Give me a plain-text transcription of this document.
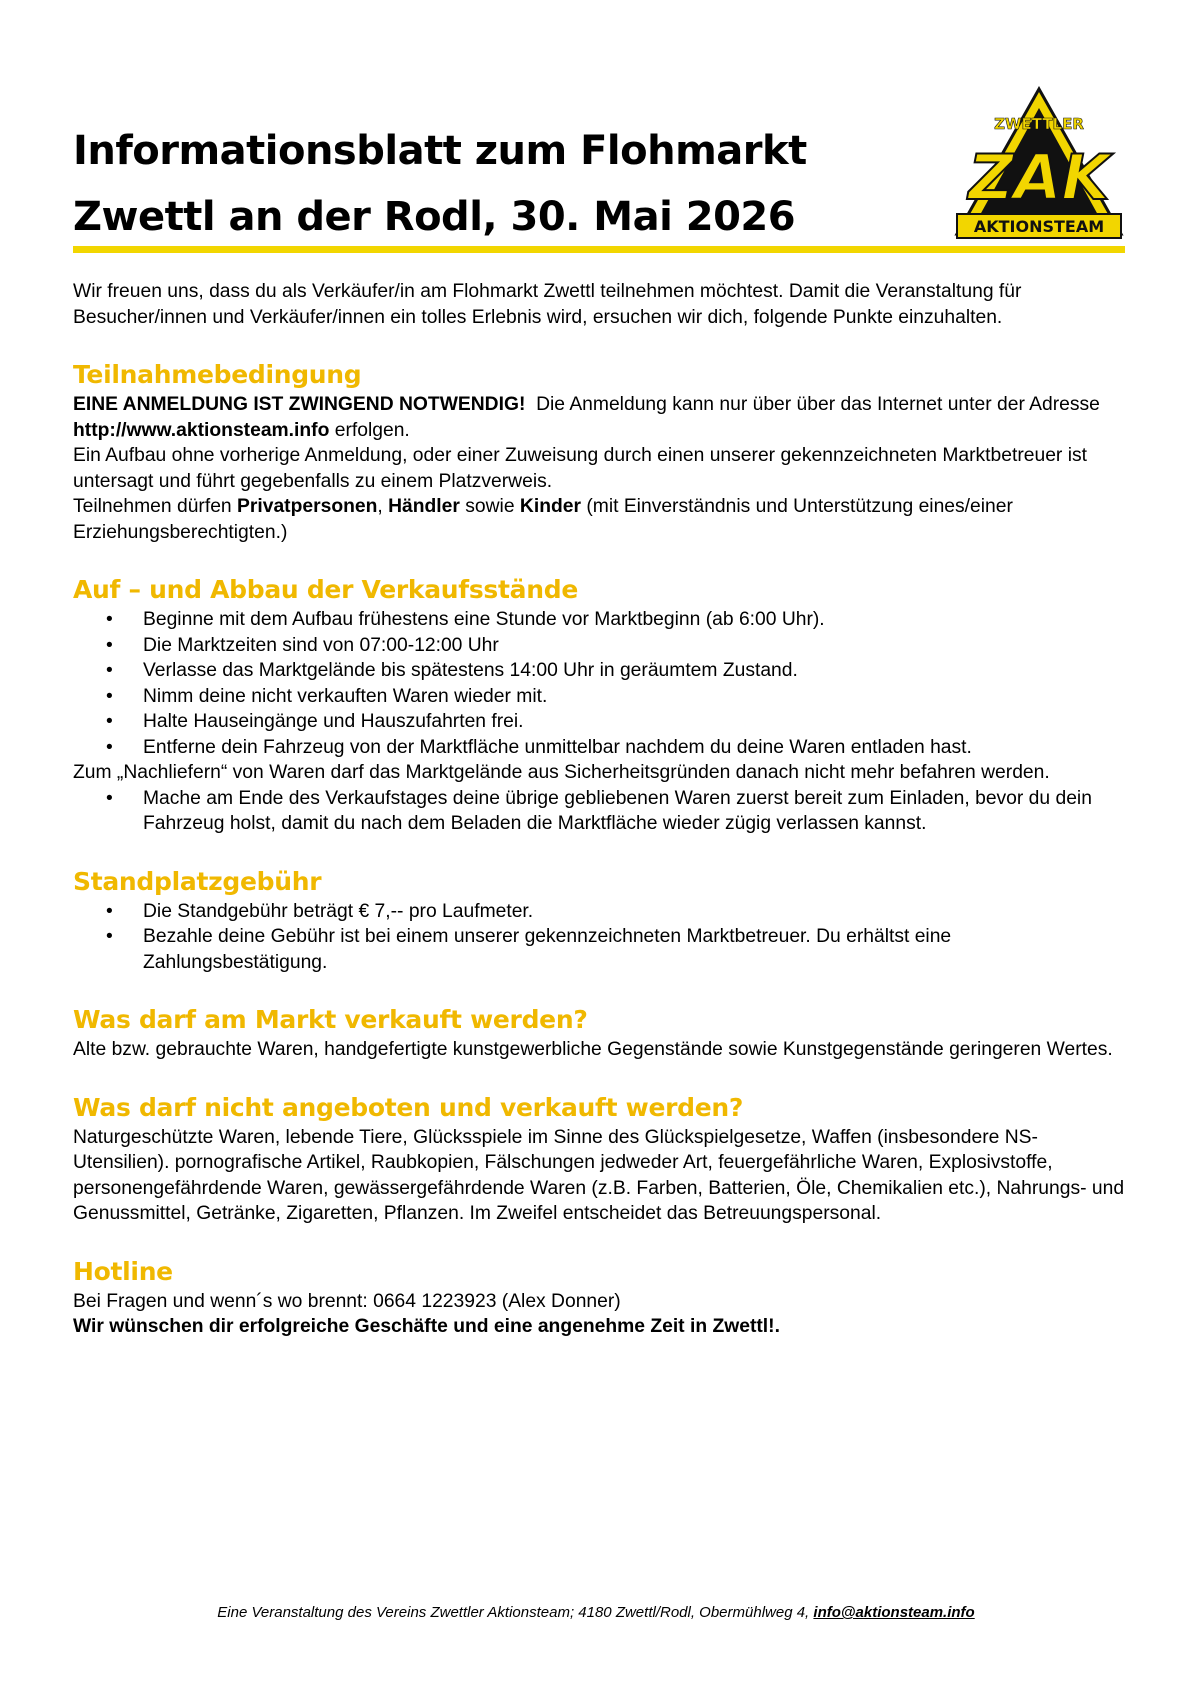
Informationsblatt zum Flohmarkt
Zwettl an der Rodl, 30. Mai 2026
ZWETTLER
ZAK
AKTIONSTEAM

Wir freuen uns, dass du als Verkäufer/in am Flohmarkt Zwettl teilnehmen möchtest. Damit die Veranstaltung für Besucher/innen und Verkäufer/innen ein tolles Erlebnis wird, ersuchen wir dich, folgende Punkte einzuhalten.

Teilnahmebedingung

EINE ANMELDUNG IST ZWINGEND NOTWENDIG! Die Anmeldung kann nur über über das Internet unter der Adresse http://www.aktionsteam.info erfolgen.

Ein Aufbau ohne vorherige Anmeldung, oder einer Zuweisung durch einen unserer gekennzeichneten Marktbetreuer ist untersagt und führt gegebenfalls zu einem Platzverweis.

Teilnehmen dürfen Privatpersonen, Händler sowie Kinder (mit Einverständnis und Unterstützung eines/einer Erziehungsberechtigten.)

Auf – und Abbau der Verkaufsstände
• Beginne mit dem Aufbau frühestens eine Stunde vor Marktbeginn (ab 6:00 Uhr).
• Die Marktzeiten sind von 07:00-12:00 Uhr
• Verlasse das Marktgelände bis spätestens 14:00 Uhr in geräumtem Zustand.
• Nimm deine nicht verkauften Waren wieder mit.
• Halte Hauseingänge und Hauszufahrten frei.
• Entferne dein Fahrzeug von der Marktfläche unmittelbar nachdem du deine Waren entladen hast.

Zum „Nachliefern“ von Waren darf das Marktgelände aus Sicherheitsgründen danach nicht mehr befahren werden.

• Mache am Ende des Verkaufstages deine übrige gebliebenen Waren zuerst bereit zum Einladen, bevor du dein Fahrzeug holst, damit du nach dem Beladen die Marktfläche wieder zügig verlassen kannst.
Standplatzgebühr
• Die Standgebühr beträgt € 7,-- pro Laufmeter.
• Bezahle deine Gebühr ist bei einem unserer gekennzeichneten Marktbetreuer. Du erhältst eine Zahlungsbestätigung.
Was darf am Markt verkauft werden?

Alte bzw. gebrauchte Waren, handgefertigte kunstgewerbliche Gegenstände sowie Kunstgegenstände geringeren Wertes.

Was darf nicht angeboten und verkauft werden?

Naturgeschützte Waren, lebende Tiere, Glücksspiele im Sinne des Glückspielgesetze, Waffen (insbesondere NS- Utensilien). pornografische Artikel, Raubkopien, Fälschungen jedweder Art, feuergefährliche Waren, Explosivstoffe, personengefährdende Waren, gewässergefährdende Waren (z.B. Farben, Batterien, Öle, Chemikalien etc.), Nahrungs- und Genussmittel, Getränke, Zigaretten, Pflanzen. Im Zweifel entscheidet das Betreuungspersonal.

Hotline

Bei Fragen und wenn´s wo brennt: 0664 1223923 (Alex Donner)

Wir wünschen dir erfolgreiche Geschäfte und eine angenehme Zeit in Zwettl!.

Eine Veranstaltung des Vereins Zwettler Aktionsteam; 4180 Zwettl/Rodl, Obermühlweg 4, info@aktionsteam.info
